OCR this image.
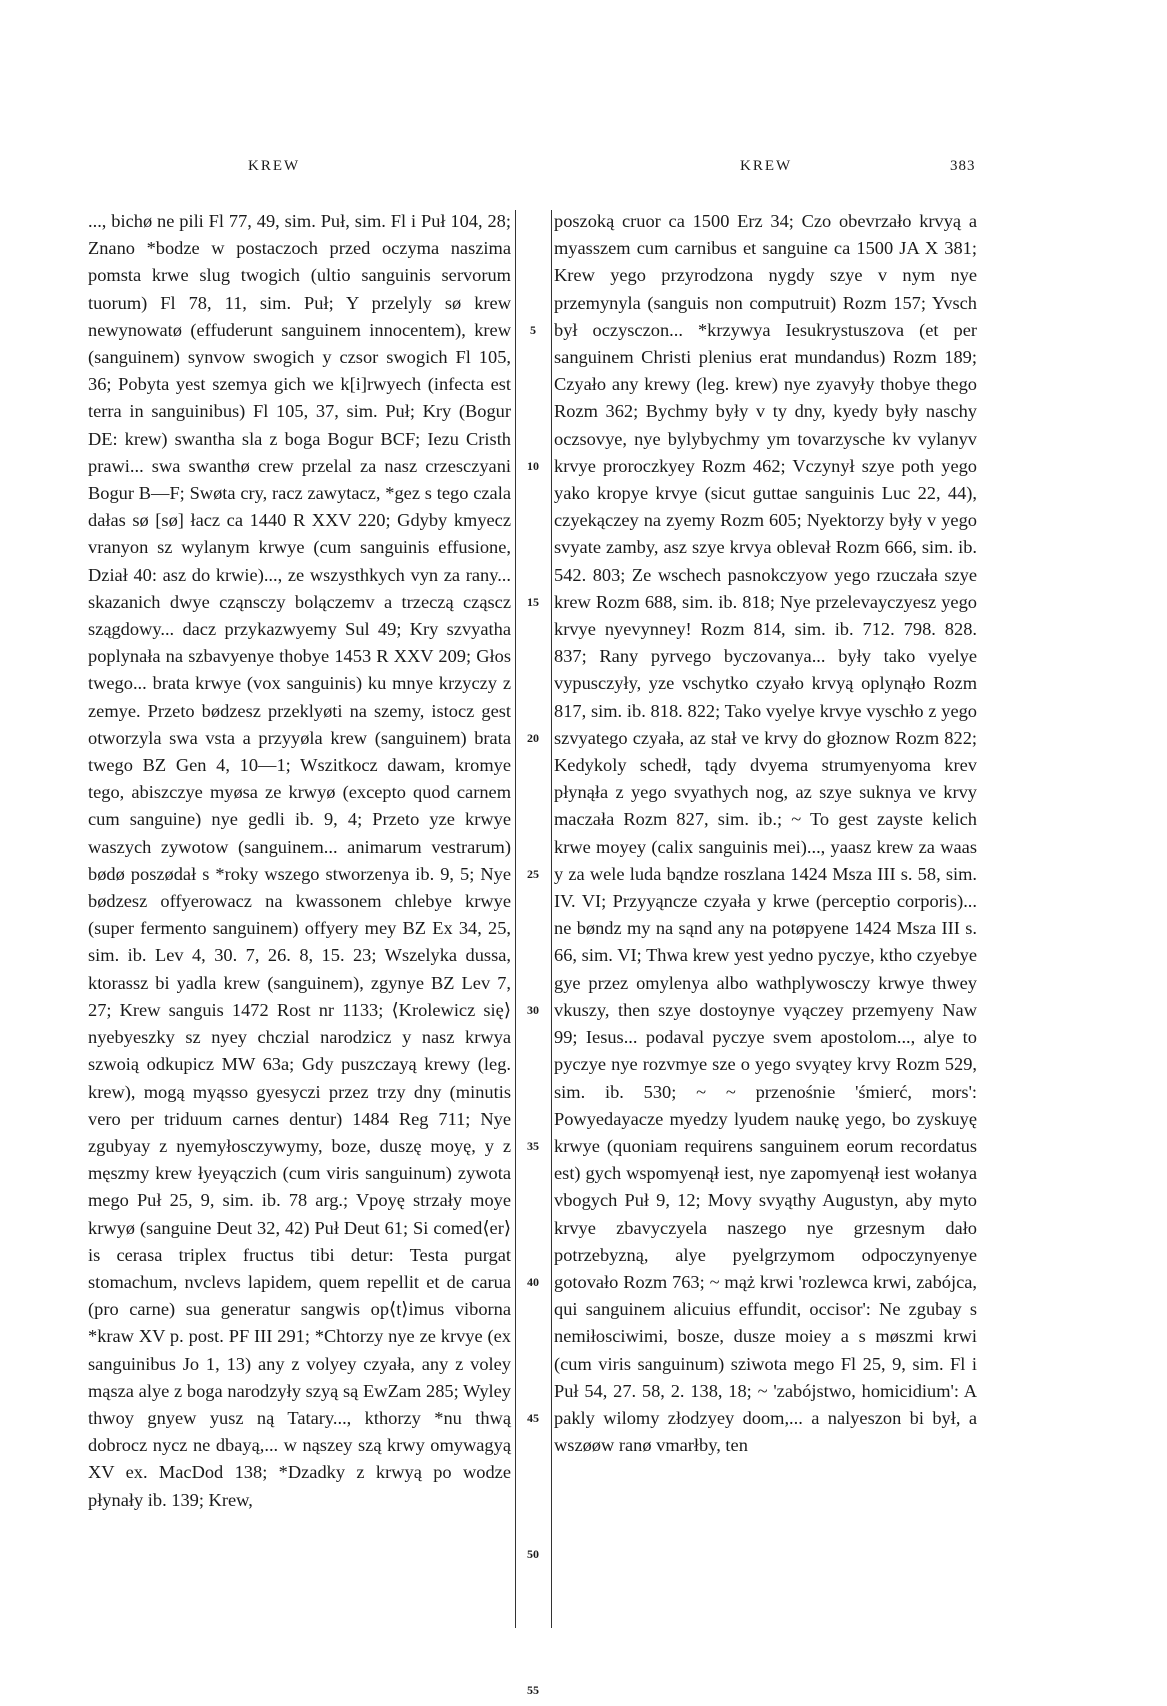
KREW	KREW	383

..., bichø ne pili Fl 77, 49, sim. Puł, sim. Fl i Puł 104, 28; Znano *bodze w postaczoch przed oczyma naszima pomsta krwe slug twogich (ultio sanguinis servorum tuorum) Fl 78, 11, sim. Puł; Y przelyly sø krew newynowatø (effuderunt sanguinem innocentem), krew (sanguinem) synvow swogich y czsor swogich Fl 105, 36; Pobyta yest szemya gich we k[i]rwyech (infecta est terra in sanguinibus) Fl 105, 37, sim. Puł; Kry (Bogur DE: krew) swantha sla z boga Bogur BCF; Iezu Cristh prawi... swa swanthø crew przelal za nasz crzesczyani Bogur B—F; Swøta cry, racz zawytacz, *gez s tego czala dałas sø [sø] łacz ca 1440 R XXV 220; Gdyby kmyecz vranyon sz wylanym krwye (cum sanguinis effusione, Dział 40: asz do krwie)..., ze wszysthkych vyn za rany... skazanich dwye cząnsczy bolączemv a trzeczą cząscz szągdowy... dacz przykazwyemy Sul 49; Kry szvyatha poplynała na szbavyenye thobye 1453 R XXV 209; Głos twego... brata krwye (vox sanguinis) ku mnye krzyczy z zemye. Przeto bødzesz przeklyøti na szemy, istocz gest otworzyla swa vsta a przyyøla krew (sanguinem) brata twego BZ Gen 4, 10—1; Wszitkocz dawam, kromye tego, abiszczye myøsa ze krwyø (excepto quod carnem cum sanguine) nye gedli ib. 9, 4; Przeto yze krwye waszych zywotow (sanguinem... animarum vestrarum) bødø poszødał s *roky wszego stworzenya ib. 9, 5; Nye bødzesz offyerowacz na kwassonem chlebye krwye (super fermento sanguinem) offyery mey BZ Ex 34, 25, sim. ib. Lev 4, 30. 7, 26. 8, 15. 23; Wszelyka dussa, ktorassz bi yadla krew (sanguinem), zgynye BZ Lev 7, 27; Krew sanguis 1472 Rost nr 1133; ⟨Krolewicz się⟩ nyebyeszky sz nyey chczial narodzicz y nasz krwya szwoią odkupicz MW 63a; Gdy puszczayą krewy (leg. krew), mogą myąsso gyesyczi przez trzy dny (minutis vero per triduum carnes dentur) 1484 Reg 711; Nye zgubyay z nyemyłosczywymy, boze, duszę moyę, y z męszmy krew łyeyączich (cum viris sanguinum) zywota mego Puł 25, 9, sim. ib. 78 arg.; Vpoyę strzały moye krwyø (sanguine Deut 32, 42) Puł Deut 61; Si comed⟨er⟩is cerasa triplex fructus tibi detur: Testa purgat stomachum, nvclevs lapidem, quem repellit et de carua (pro carne) sua generatur sangwis op⟨t⟩imus viborna *kraw XV p. post. PF III 291; *Chtorzy nye ze krvye (ex sanguinibus Jo 1, 13) any z volyey czyała, any z voley mąsza alye z boga narodzyły szyą są EwZam 285; Wyley thwoy gnyew yusz ną Tatary..., kthorzy *nu thwą dobrocz nycz ne dbayą,... w nąszey szą krwy omywagyą XV ex. MacDod 138; *Dzadky z krwyą po wodze płynały ib. 139; Krew,

5
10
15
20
25
30
35
40
45
50
55

poszoką cruor ca 1500 Erz 34; Czo obevrzało krvyą a myasszem cum carnibus et sanguine ca 1500 JA X 381; Krew yego przyrodzona nygdy szye v nym nye przemynyla (sanguis non computruit) Rozm 157; Yvsch był oczysczon... *krzywya Iesukrystuszova (et per sanguinem Christi plenius erat mundandus) Rozm 189; Czyało any krewy (leg. krew) nye zyavyły thobye thego Rozm 362; Bychmy były v ty dny, kyedy były naschy oczsovye, nye bylybychmy ym tovarzysche kv vylanyv krvye proroczkyey Rozm 462; Vczynył szye poth yego yako kropye krvye (sicut guttae sanguinis Luc 22, 44), czyekączey na zyemy Rozm 605; Nyektorzy były v yego svyate zamby, asz szye krvya oblevał Rozm 666, sim. ib. 542. 803; Ze wschech pasnokczyow yego rzuczała szye krew Rozm 688, sim. ib. 818; Nye przelevayczyesz yego krvye nyevynney! Rozm 814, sim. ib. 712. 798. 828. 837; Rany pyrvego byczovanya... były tako vyelye vypusczyły, yze vschytko czyało krvyą oplynąło Rozm 817, sim. ib. 818. 822; Tako vyelye krvye vyschło z yego szvyatego czyała, az stał ve krvy do głoznow Rozm 822; Kedykoly schedł, tądy dvyema strumyenyoma krev płynąła z yego svyathych nog, az szye suknya ve krvy maczała Rozm 827, sim. ib.; ~ To gest zayste kelich krwe moyey (calix sanguinis mei)..., yaasz krew za waas y za wele luda bąndze roszlana 1424 Msza III s. 58, sim. IV. VI; Przyyąncze czyała y krwe (perceptio corporis)... ne bøndz my na sąnd any na potøpyene 1424 Msza III s. 66, sim. VI; Thwa krew yest yedno pyczye, ktho czyebye gye przez omylenya albo wathplywosczy krwye thwey vkuszy, then szye dostoynye vyączey przemyeny Naw 99; Iesus... podaval pyczye svem apostolom..., alye to pyczye nye rozvmye sze o yego svyątey krvy Rozm 529, sim. ib. 530; ~ ~ przenośnie 'śmierć, mors': Powyedayacze myedzy lyudem naukę yego, bo zyskuyę krwye (quoniam requirens sanguinem eorum recordatus est) gych wspomyenął iest, nye zapomyenął iest wołanya vbogych Puł 9, 12; Movy svyąthy Augustyn, aby myto krvye zbavyczyela naszego nye grzesnym dało potrzebyzną, alye pyelgrzymom odpoczynyenye gotovało Rozm 763; ~ mąż krwi 'rozlewca krwi, zabójca, qui sanguinem alicuius effundit, occisor': Ne zgubay s nemiłosciwimi, bosze, dusze moiey a s møszmi krwi (cum viris sanguinum) sziwota mego Fl 25, 9, sim. Fl i Puł 54, 27. 58, 2. 138, 18; ~ 'zabójstwo, homicidium': A pakly wilomy złodzyey doom,... a nalyeszon bi był, a wszøøw ranø vmarłby, ten
